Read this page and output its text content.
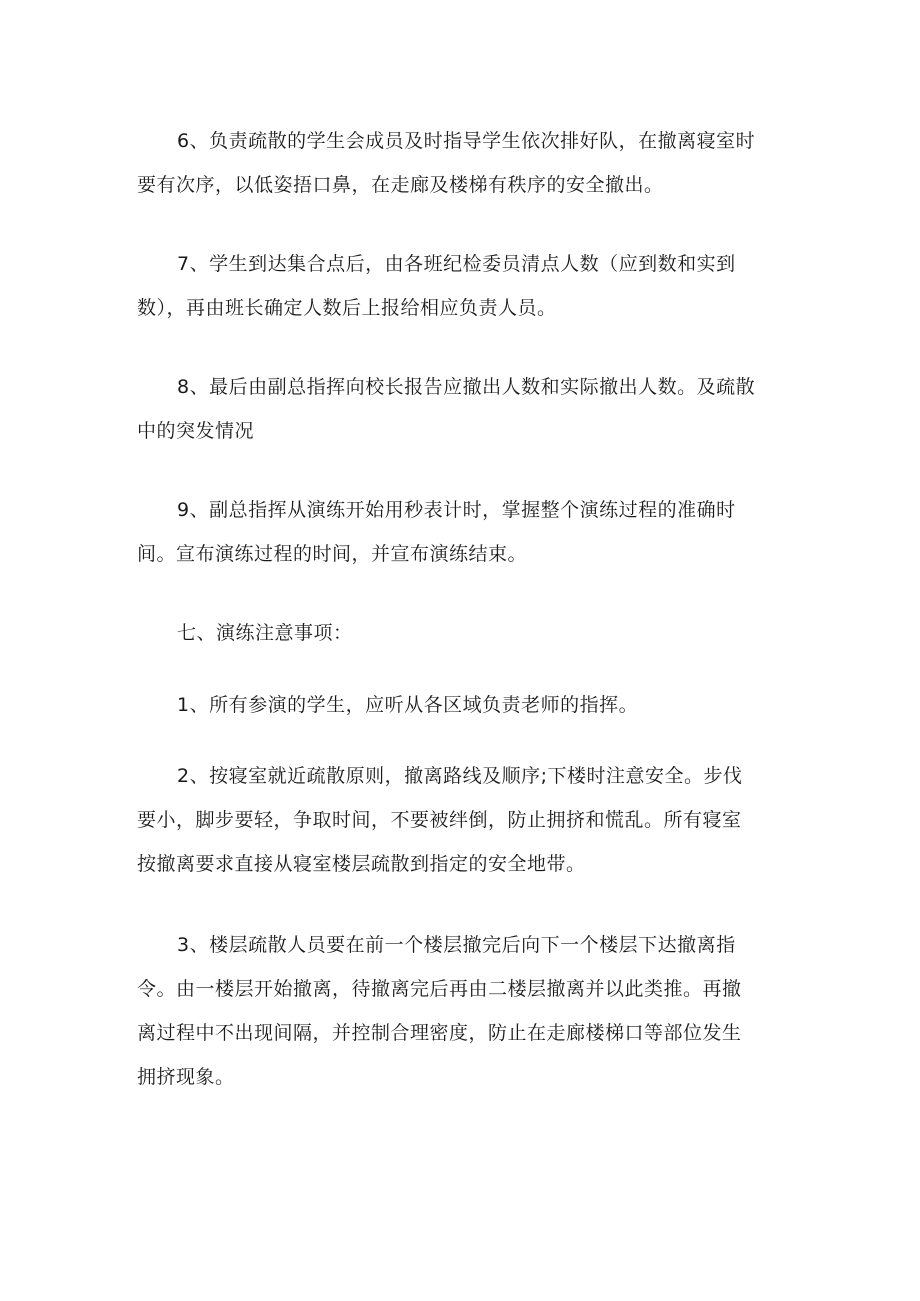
6、负责疏散的学生会成员及时指导学生依次排好队，在撤离寝室时
要有次序，以低姿捂口鼻，在走廊及楼梯有秩序的安全撤出。

7、学生到达集合点后，由各班纪检委员清点人数（应到数和实到
数），再由班长确定人数后上报给相应负责人员。

8、最后由副总指挥向校长报告应撤出人数和实际撤出人数。及疏散
中的突发情况

9、副总指挥从演练开始用秒表计时，掌握整个演练过程的准确时
间。宣布演练过程的时间，并宣布演练结束。

七、演练注意事项：

1、所有参演的学生，应听从各区域负责老师的指挥。

2、按寝室就近疏散原则，撤离路线及顺序;下楼时注意安全。步伐
要小，脚步要轻，争取时间，不要被绊倒，防止拥挤和慌乱。所有寝室
按撤离要求直接从寝室楼层疏散到指定的安全地带。

3、楼层疏散人员要在前一个楼层撤完后向下一个楼层下达撤离指
令。由一楼层开始撤离，待撤离完后再由二楼层撤离并以此类推。再撤
离过程中不出现间隔，并控制合理密度，防止在走廊楼梯口等部位发生
拥挤现象。
